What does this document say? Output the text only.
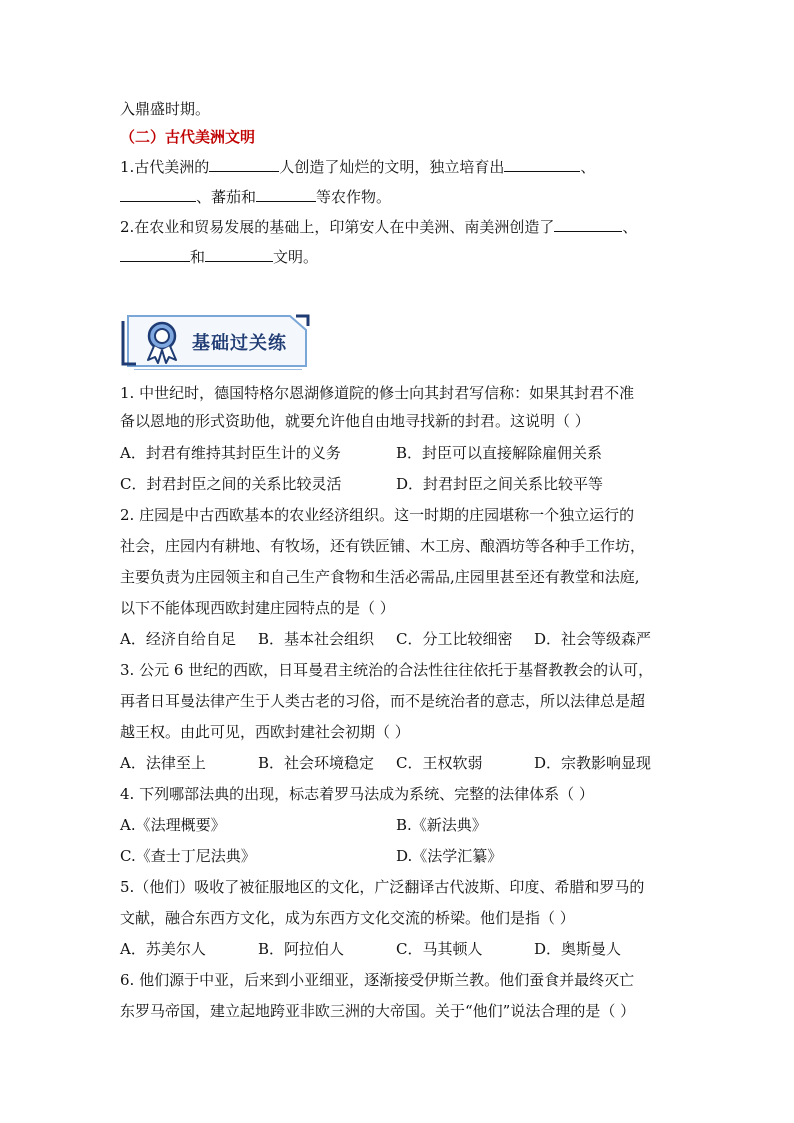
入鼎盛时期。
（二）古代美洲文明
1.古代美洲的	人创造了灿烂的文明，独立培育出	、
、蕃茄和	等农作物。
2.在农业和贸易发展的基础上，印第安人在中美洲、南美洲创造了	、
和	文明。
基础过关练
1. 中世纪时，德国特格尔恩湖修道院的修士向其封君写信称：如果其封君不准
备以恩地的形式资助他，就要允许他自由地寻找新的封君。这说明（ ）
A．封君有维持其封臣生计的义务	B．封臣可以直接解除雇佣关系
C．封君封臣之间的关系比较灵活	D．封君封臣之间关系比较平等
2. 庄园是中古西欧基本的农业经济组织。这一时期的庄园堪称一个独立运行的
社会，庄园内有耕地、有牧场，还有铁匠铺、木工房、酿酒坊等各种手工作坊，
主要负责为庄园领主和自己生产食物和生活必需品,庄园里甚至还有教堂和法庭,
以下不能体现西欧封建庄园特点的是（ ）
A．经济自给自足 B．基本社会组织 C．分工比较细密 D．社会等级森严
3. 公元 6 世纪的西欧，日耳曼君主统治的合法性往往依托于基督教教会的认可，
再者日耳曼法律产生于人类古老的习俗，而不是统治者的意志，所以法律总是超
越王权。由此可见，西欧封建社会初期（ ）
A．法律至上	B．社会环境稳定 C．王权软弱	D．宗教影响显现
4. 下列哪部法典的出现，标志着罗马法成为系统、完整的法律体系（ ）
A.《法理概要》	B.《新法典》
C.《查士丁尼法典》	D.《法学汇纂》
5.（他们）吸收了被征服地区的文化，广泛翻译古代波斯、印度、希腊和罗马的
文献，融合东西方文化，成为东西方文化交流的桥梁。他们是指（ ）
A．苏美尔人	B．阿拉伯人	C．马其顿人	D．奥斯曼人
6. 他们源于中亚，后来到小亚细亚，逐渐接受伊斯兰教。他们蚕食并最终灭亡
东罗马帝国，建立起地跨亚非欧三洲的大帝国。关于“他们”说法合理的是（ ）
